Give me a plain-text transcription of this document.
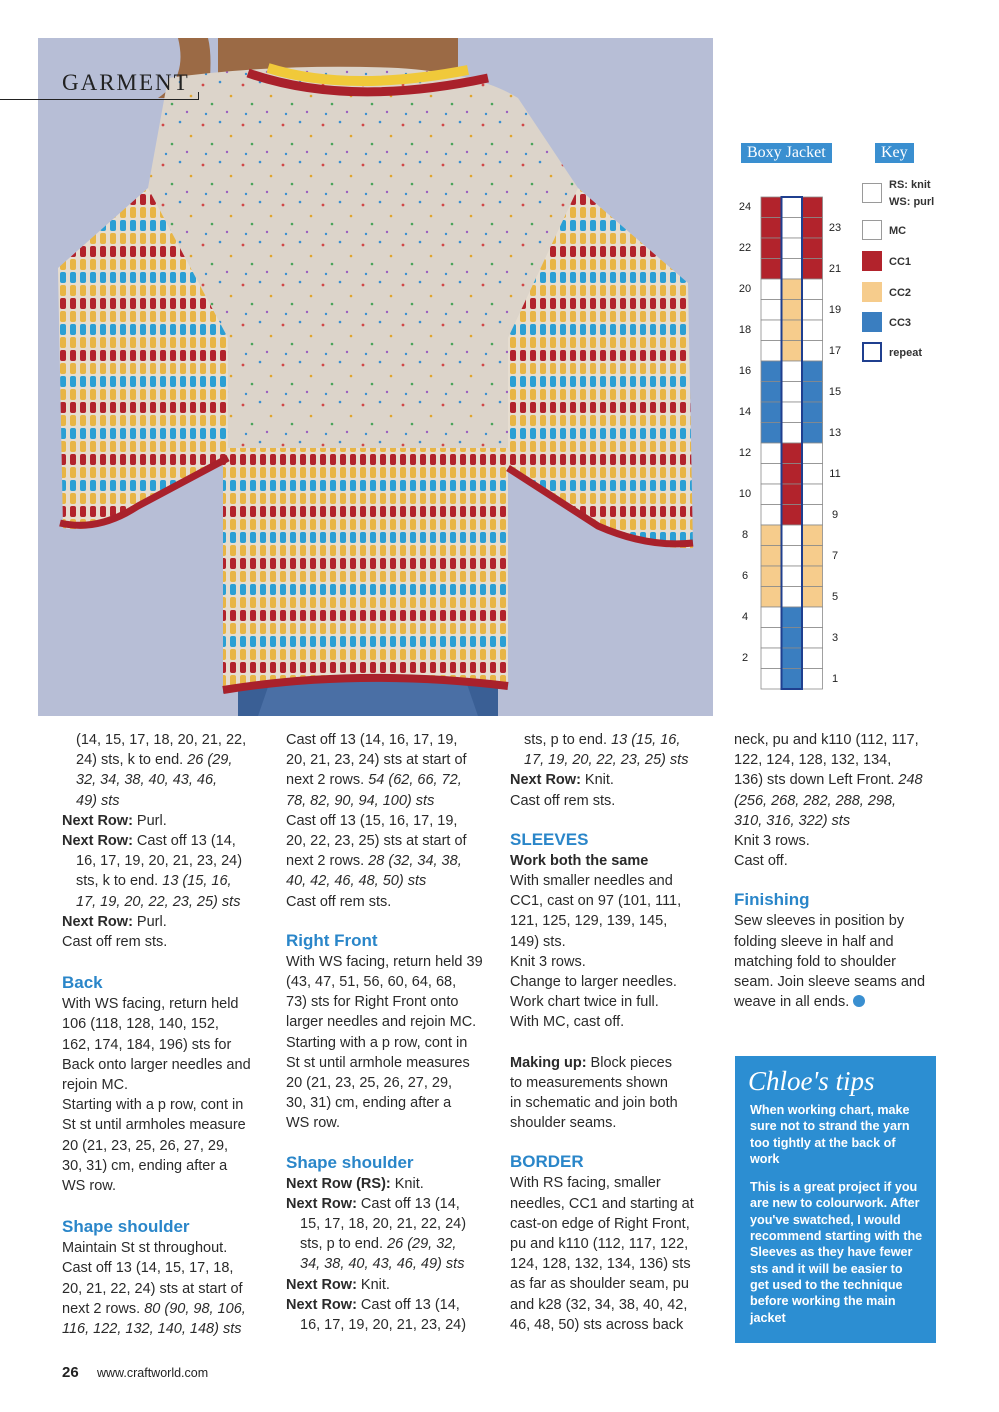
GARMENT
Boxy Jacket	Key
24
22
20
18
16
14
12
10
8
6
4
2
23
21
19
17
15
13
11
9
7
5
3
1
RS: knit
WS: purl
MC
CC1
CC2
CC3
repeat

(14, 15, 17, 18, 20, 21, 22,

24) sts, k to end. 26 (29,

32, 34, 38, 40, 43, 46,

49) sts

Next Row: Purl.

Next Row: Cast off 13 (14,

16, 17, 19, 20, 21, 23, 24)

sts, k to end. 13 (15, 16,

17, 19, 20, 22, 23, 25) sts

Next Row: Purl.

Cast off rem sts.

Back

With WS facing, return held

106 (118, 128, 140, 152,

162, 174, 184, 196) sts for

Back onto larger needles and

rejoin MC.

Starting with a p row, cont in

St st until armholes measure

20 (21, 23, 25, 26, 27, 29,

30, 31) cm, ending after a

WS row.

Shape shoulder

Maintain St st throughout.

Cast off 13 (14, 15, 17, 18,

20, 21, 22, 24) sts at start of

next 2 rows. 80 (90, 98, 106,

116, 122, 132, 140, 148) sts

Cast off 13 (14, 16, 17, 19,

20, 21, 23, 24) sts at start of

next 2 rows. 54 (62, 66, 72,

78, 82, 90, 94, 100) sts

Cast off 13 (15, 16, 17, 19,

20, 22, 23, 25) sts at start of

next 2 rows. 28 (32, 34, 38,

40, 42, 46, 48, 50) sts

Cast off rem sts.

Right Front

With WS facing, return held 39

(43, 47, 51, 56, 60, 64, 68,

73) sts for Right Front onto

larger needles and rejoin MC.

Starting with a p row, cont in

St st until armhole measures

20 (21, 23, 25, 26, 27, 29,

30, 31) cm, ending after a

WS row.

Shape shoulder

Next Row (RS): Knit.

Next Row: Cast off 13 (14,

15, 17, 18, 20, 21, 22, 24)

sts, p to end. 26 (29, 32,

34, 38, 40, 43, 46, 49) sts

Next Row: Knit.

Next Row: Cast off 13 (14,

16, 17, 19, 20, 21, 23, 24)

sts, p to end. 13 (15, 16,

17, 19, 20, 22, 23, 25) sts

Next Row: Knit.

Cast off rem sts.

SLEEVES

Work both the same

With smaller needles and

CC1, cast on 97 (101, 111,

121, 125, 129, 139, 145,

149) sts.

Knit 3 rows.

Change to larger needles.

Work chart twice in full.

With MC, cast off.

Making up: Block pieces

to measurements shown

in schematic and join both

shoulder seams.

BORDER

With RS facing, smaller

needles, CC1 and starting at

cast-on edge of Right Front,

pu and k110 (112, 117, 122,

124, 128, 132, 134, 136) sts

as far as shoulder seam, pu

and k28 (32, 34, 38, 40, 42,

46, 48, 50) sts across back

neck, pu and k110 (112, 117,

122, 124, 128, 132, 134,

136) sts down Left Front. 248

(256, 268, 282, 288, 298,

310, 316, 322) sts

Knit 3 rows.

Cast off.

Finishing

Sew sleeves in position by

folding sleeve in half and

matching fold to shoulder

seam. Join sleeve seams and

weave in all ends.

Chloe's tips

When working chart, make sure not to strand the yarn too tightly at the back of work

This is a great project if you are new to colourwork. After you've swatched, I would recommend starting with the Sleeves as they have fewer sts and it will be easier to get used to the technique before working the main jacket

26 www.craftworld.com
